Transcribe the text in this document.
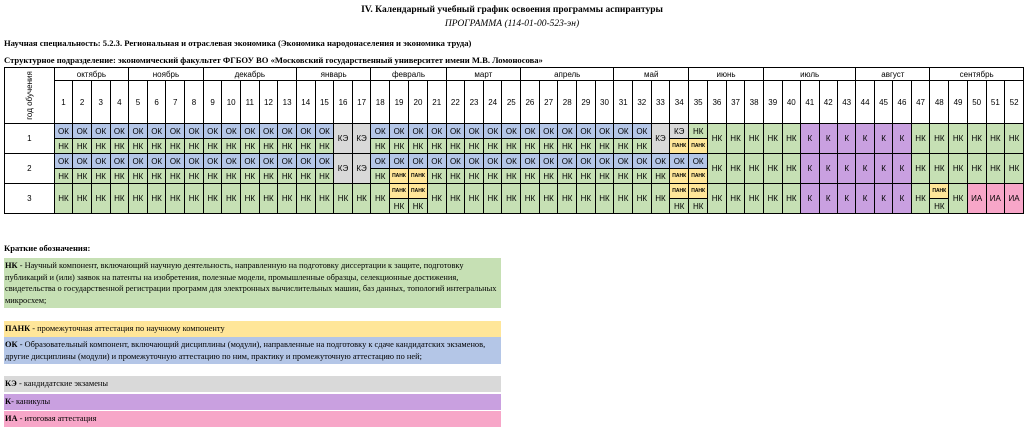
IV. Календарный учебный график освоения программы аспирантуры
ПРОГРАММА (114-01-00-523-эн)
Научная специальность: 5.2.3. Региональная и отраслевая экономика (Экономика народонаселения и экономика труда)
Структурное подразделение: экономический факультет ФГБОУ ВО «Московский государственный университет имени М.В. Ломоносова»
год обучения	октябрь				ноябрь				декабрь					январь				февраль				март				апрель					май				июнь				июль					август				сентябрь				
	1	2	3	4	5	6	7	8	9	10	11	12	13	14	15	16	17	18	19	20	21	22	23	24	25	26	27	28	29	30	31	32	33	34	35	36	37	38	39	40	41	42	43	44	45	46	47	48	49	50	51	52
1	ОК	ОК	ОК	ОК	ОК	ОК	ОК	ОК	ОК	ОК	ОК	ОК	ОК	ОК	ОК	КЭ	КЭ	ОК	ОК	ОК	ОК	ОК	ОК	ОК	ОК	ОК	ОК	ОК	ОК	ОК	ОК	ОК	КЭ	КЭ	НК	НК	НК	НК	НК	НК	К	К	К	К	К	К	НК	НК	НК	НК	НК	НК
	НК	НК	НК	НК	НК	НК	НК	НК	НК	НК	НК	НК	НК	НК	НК			НК	НК	НК	НК	НК	НК	НК	НК	НК	НК	НК	НК	НК	НК	НК		ПАНК	ПАНК																	
2	ОК	ОК	ОК	ОК	ОК	ОК	ОК	ОК	ОК	ОК	ОК	ОК	ОК	ОК	ОК	КЭ	КЭ	ОК	ОК	ОК	ОК	ОК	ОК	ОК	ОК	ОК	ОК	ОК	ОК	ОК	ОК	ОК	ОК	ОК	ОК	НК	НК	НК	НК	НК	К	К	К	К	К	К	НК	НК	НК	НК	НК	НК
	НК	НК	НК	НК	НК	НК	НК	НК	НК	НК	НК	НК	НК	НК	НК			НК	ПАНК	ПАНК	НК	НК	НК	НК	НК	НК	НК	НК	НК	НК	НК	НК	НК	ПАНК	ПАНК																	
3	НК	НК	НК	НК	НК	НК	НК	НК	НК	НК	НК	НК	НК	НК	НК	НК	НК	НК	ПАНК	ПАНК	НК	НК	НК	НК	НК	НК	НК	НК	НК	НК	НК	НК	НК	ПАНК	ПАНК	НК	НК	НК	НК	НК	К	К	К	К	К	К	НК	ПАНК	НК	ИА	ИА	ИА
																			НК	НК														НК	НК													НК				
Краткие обозначения:
НК - Научный компонент, включающий научную деятельность, направленную на подготовку диссертации к защите, подготовку публикаций и (или) заявок на патенты на изобретения, полезные модели, промышленные образцы, селекционные достижения, свидетельства о государственной регистрации программ для электронных вычислительных машин, баз данных, топологий интегральных микросхем;
ПАНК - промежуточная аттестация по научному компоненту
ОК - Образовательный компонент, включающий дисциплины (модули), направленные на подготовку к сдаче кандидатских экзаменов, другие дисциплины (модули) и промежуточную аттестацию по ним, практику и промежуточную аттестацию по ней;
КЭ - кандидатские экзамены
К- каникулы
ИА - итоговая аттестация
